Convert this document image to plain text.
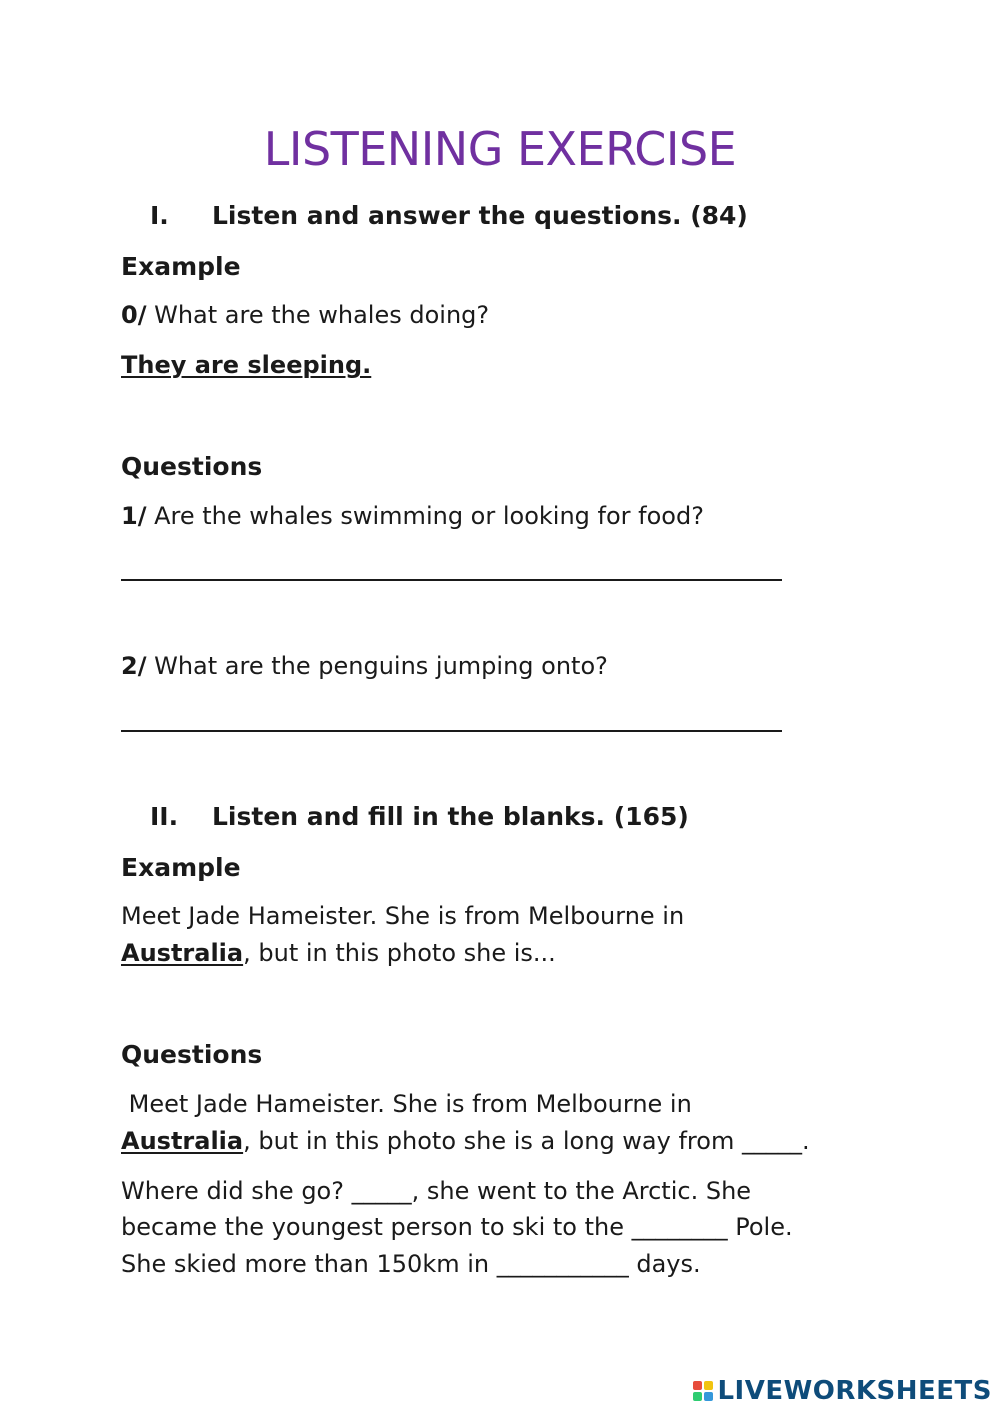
LISTENING EXERCISE
I. Listen and answer the questions. (84)
Example
0/ What are the whales doing?
They are sleeping.
Questions
1/ Are the whales swimming or looking for food?
2/ What are the penguins jumping onto?
II. Listen and fill in the blanks. (165)
Example
Meet Jade Hameister. She is from Melbourne in
Australia, but in this photo she is...
Questions
Meet Jade Hameister. She is from Melbourne in
Australia, but in this photo she is a long way from _____.
Where did she go? _____, she went to the Arctic. She
became the youngest person to ski to the ________ Pole.
She skied more than 150km in ___________ days.
LIVEWORKSHEETS
